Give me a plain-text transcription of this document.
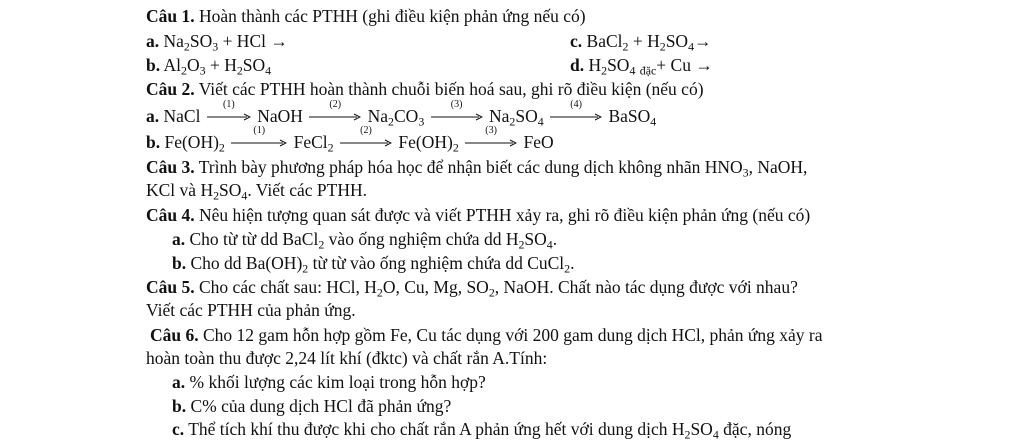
Câu 1. Hoàn thành các PTHH (ghi điều kiện phản ứng nếu có)
a. $Na_2SO_3$ + HCl →	c. BaCl$_2$ + $H_2SO_4\to$
b. $Al_2O_3 + H_2SO_4$	d. $H_2SO_4$ $_{đặc}$+ Cu →
Câu 2. Viết các PTHH hoàn thành chuỗi biến hoá sau, ghi rõ điều kiện (nếu có)
a. NaCl
(1)
NaOH
(2)
$Na_2CO_3$
(3)
$Na_2SO_4$
(4)
BaSO$_4$
b. $Fe(OH)_2$
(1)
FeCl$_2$
(2)
$Fe(OH)_2$
(3)
FeO
Câu 3. Trình bày phương pháp hóa học để nhận biết các dung dịch không nhãn $HNO_3$, NaOH,
KCl và $H_2SO_4$. Viết các PTHH.
Câu 4. Nêu hiện tượng quan sát được và viết PTHH xảy ra, ghi rõ điều kiện phản ứng (nếu có)
a. Cho từ từ dd BaCl$_2$ vào ống nghiệm chứa dd $H_2SO_4$.
b. Cho dd $Ba(OH)_2$ từ từ vào ống nghiệm chứa dd CuCl$_2$.
Câu 5. Cho các chất sau: HCl, $H_2O$, Cu, Mg, $SO_2$, NaOH. Chất nào tác dụng được với nhau?
Viết các PTHH của phản ứng.
Câu 6. Cho 12 gam hỗn hợp gồm Fe, Cu tác dụng với 200 gam dung dịch HCl, phản ứng xảy ra
hoàn toàn thu được 2,24 lít khí (đktc) và chất rắn A.Tính:
a. % khối lượng các kim loại trong hỗn hợp?
b. C% của dung dịch HCl đã phản ứng?
c. Thể tích khí thu được khi cho chất rắn A phản ứng hết với dung dịch $H_2SO_4$ đặc, nóng
